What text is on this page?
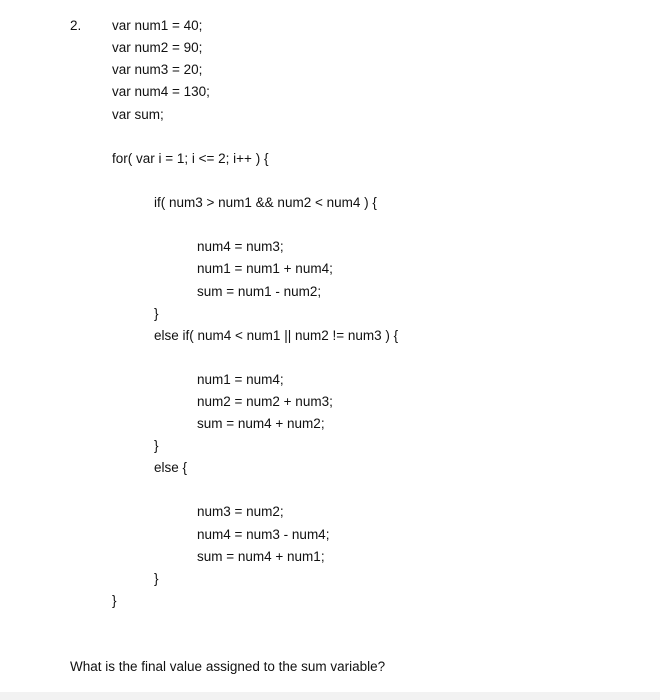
2. var num1 = 40;
var num2 = 90;
var num3 = 20;
var num4 = 130;
var sum;
for( var i = 1; i <= 2; i++ ) {
if( num3 > num1 && num2 < num4 ) {
num4 = num3;
num1 = num1 + num4;
sum = num1 - num2;
}
else if( num4 < num1 || num2 != num3 ) {
num1 = num4;
num2 = num2 + num3;
sum = num4 + num2;
}
else {
num3 = num2;
num4 = num3 - num4;
sum = num4 + num1;
}
}
What is the final value assigned to the sum variable?
